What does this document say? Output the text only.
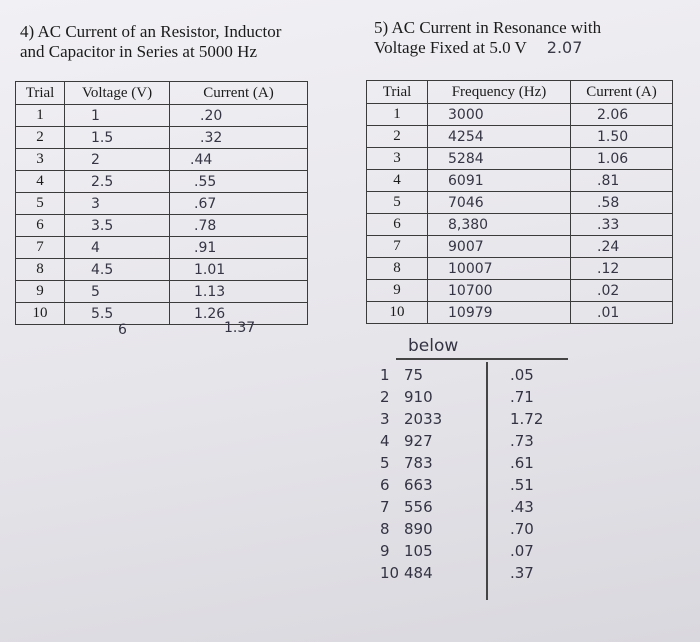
4) AC Current of an Resistor, Inductor
and Capacitor in Series at 5000 Hz
5) AC Current in Resonance with
Voltage Fixed at 5.0 V 2.07
Trial	Voltage (V)	Current (A)
1	1	.20
2	1.5	.32
3	2	.44
4	2.5	.55
5	3	.67
6	3.5	.78
7	4	.91
8	4.5	1.01
9	5	1.13
10	5.5	1.26
6	1.37
Trial	Frequency (Hz)	Current (A)
1	3000	2.06
2	4254	1.50
3	5284	1.06
4	6091	.81
5	7046	.58
6	8,380	.33
7	9007	.24
8	10007	.12
9	10700	.02
10	10979	.01
below
1 75	.05
2 910	.71
3 2033	1.72
4 927	.73
5 783	.61
6 663	.51
7 556	.43
8 890	.70
9 105	.07
10 484	.37
